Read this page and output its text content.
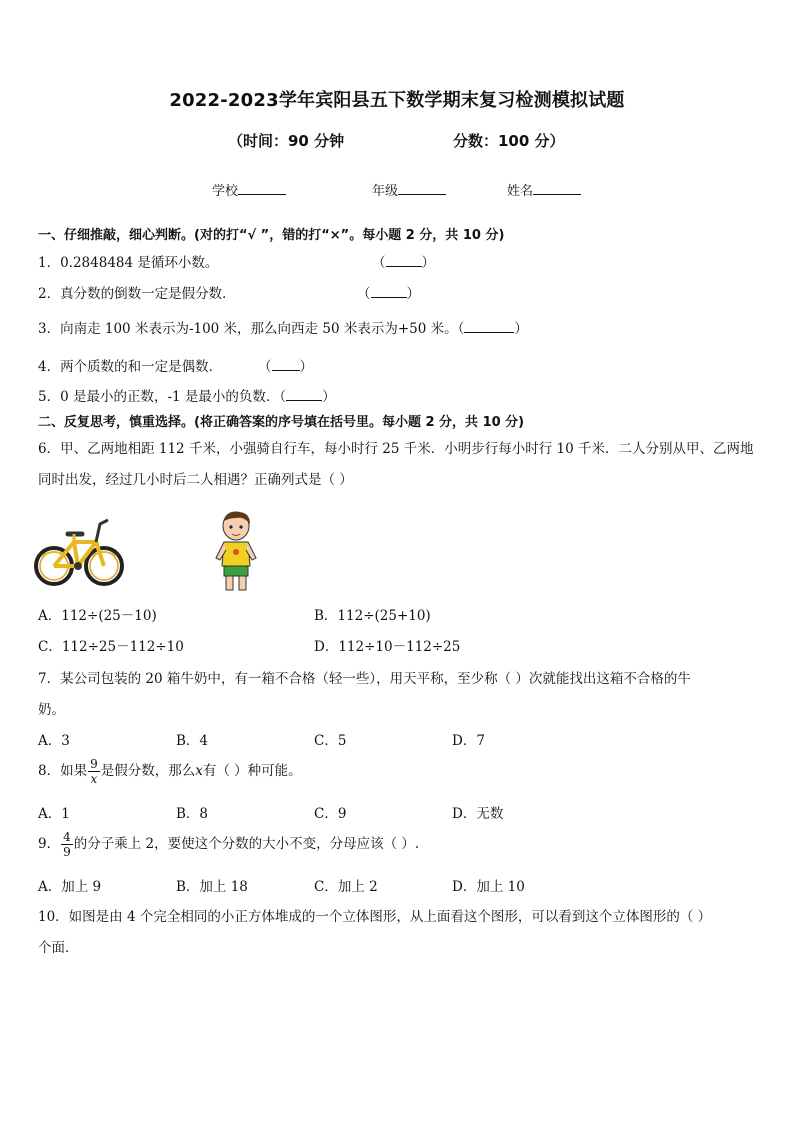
2022-2023学年宾阳县五下数学期末复习检测模拟试题
（时间：90 分钟	分数：100 分）
学校	年级	姓名
一、仔细推敲，细心判断。(对的打“√ ”，错的打“×”。每小题 2 分，共 10 分)
1．0.2848484 是循环小数。	（	）
2．真分数的倒数一定是假分数．	（	）
3．向南走 100 米表示为-100 米，那么向西走 50 米表示为+50 米。（	）
4．两个质数的和一定是偶数．	（ ）
5．0 是最小的正数，-1 是最小的负数．（	）
二、反复思考，慎重选择。(将正确答案的序号填在括号里。每小题 2 分，共 10 分)
6．甲、乙两地相距 112 千米，小强骑自行车，每小时行 25 千米．小明步行每小时行 10 千米．二人分别从甲、乙两地
同时出发，经过几小时后二人相遇？正确列式是（ ）
A．112÷(25－10)	B．112÷(25+10)
C．112÷25－112÷10	D．112÷10－112÷25
7．某公司包装的 20 箱牛奶中，有一箱不合格（轻一些），用天平称，至少称（ ）次就能找出这箱不合格的牛
奶。
A．3	B．4	C．5	D．7
8．如果 $\frac{9}{x}$ 是假分数，那么x有（ ）种可能。
A．1	B．8	C．9	D．无数
9． $\frac{4}{9}$ 的分子乘上 2，要使这个分数的大小不变，分母应该（ ）.
A．加上 9	B．加上 18	C．加上 2	D．加上 10
10．如图是由 4 个完全相同的小正方体堆成的一个立体图形，从上面看这个图形，可以看到这个立体图形的（ ）
个面．
